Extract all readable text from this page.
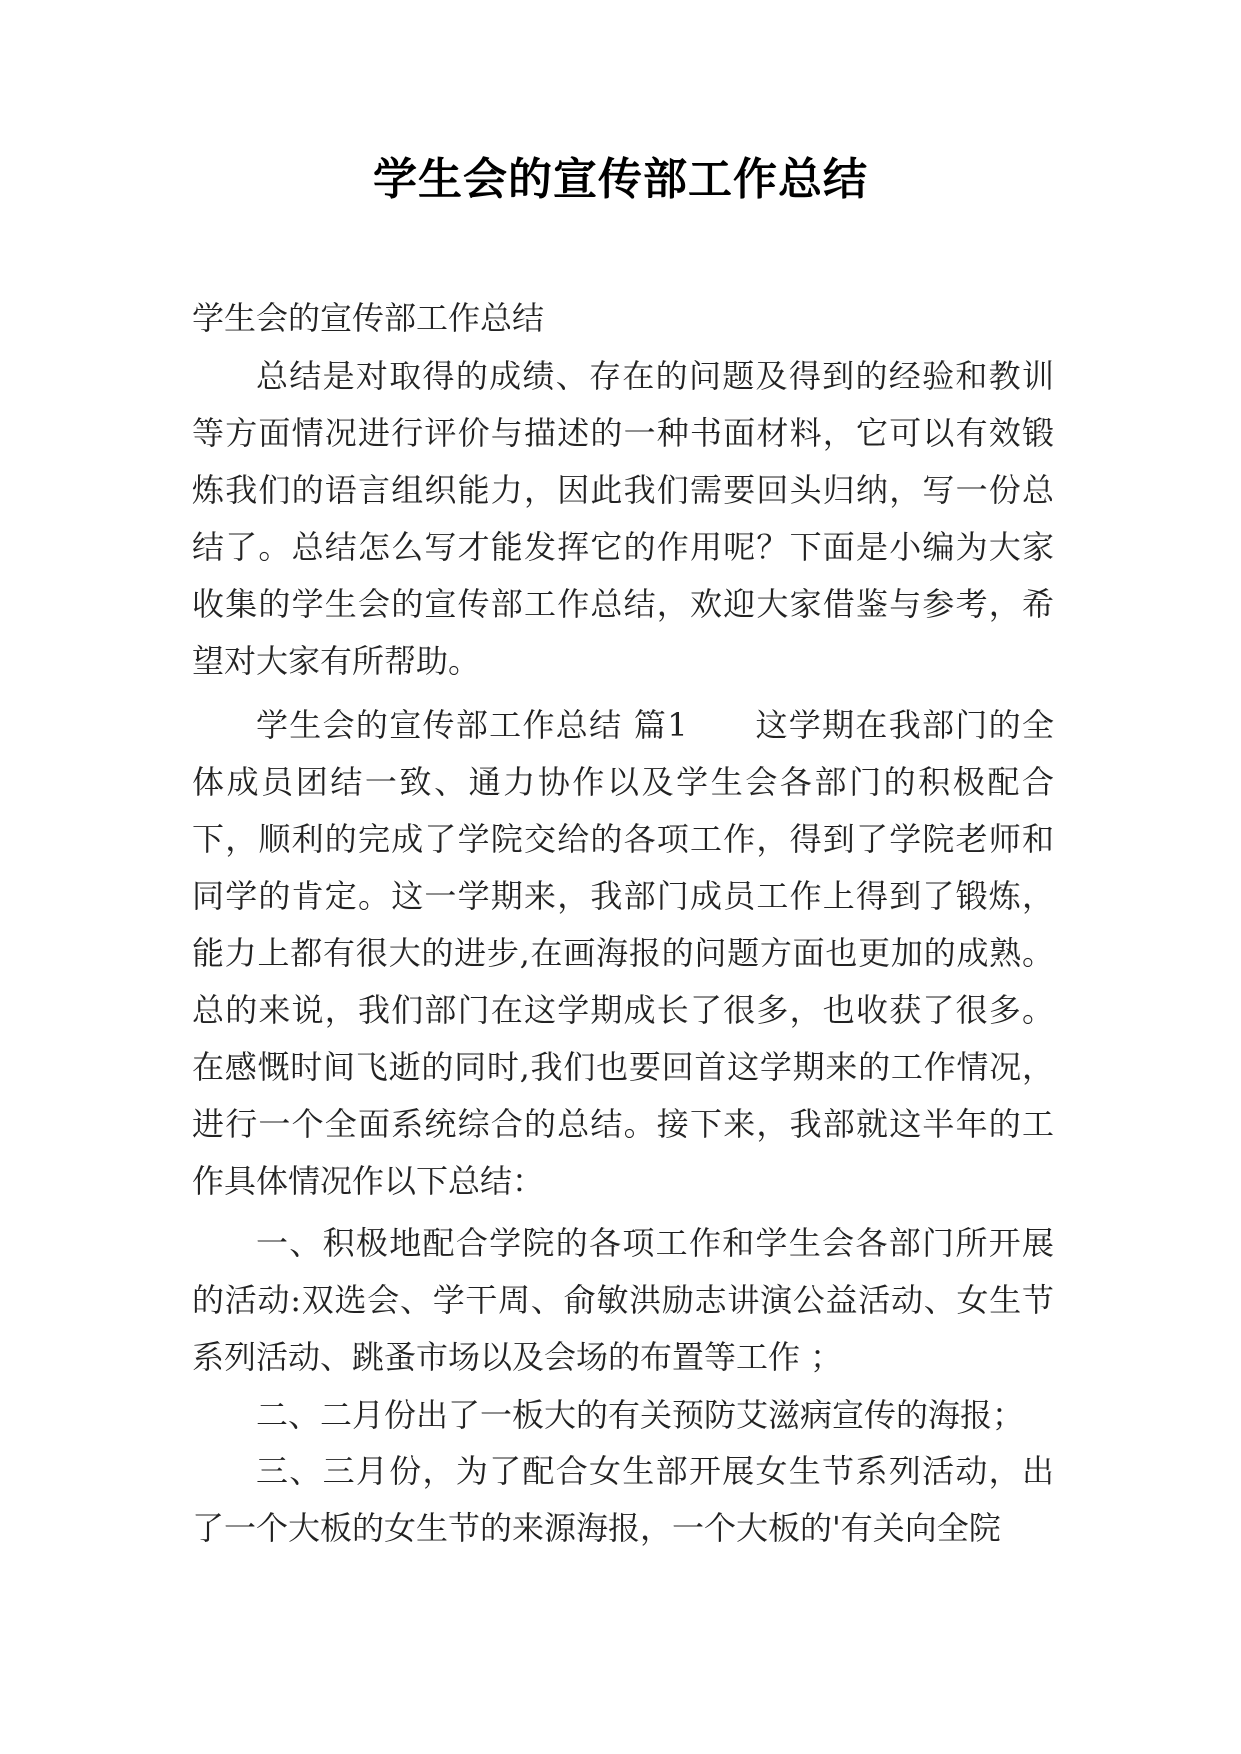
学生会的宣传部工作总结
学生会的宣传部工作总结

总结是对取得的成绩、存在的问题及得到的经验和教训等方面情况进行评价与描述的一种书面材料，它可以有效锻炼我们的语言组织能力，因此我们需要回头归纳，写一份总结了。总结怎么写才能发挥它的作用呢？下面是小编为大家收集的学生会的宣传部工作总结，欢迎大家借鉴与参考，希望对大家有所帮助。

学生会的宣传部工作总结 篇1　　这学期在我部门的全体成员团结一致、通力协作以及学生会各部门的积极配合下，顺利的完成了学院交给的各项工作，得到了学院老师和同学的肯定。这一学期来，我部门成员工作上得到了锻炼，能力上都有很大的进步,在画海报的问题方面也更加的成熟。总的来说，我们部门在这学期成长了很多，也收获了很多。在感慨时间飞逝的同时,我们也要回首这学期来的工作情况，进行一个全面系统综合的总结。接下来，我部就这半年的工作具体情况作以下总结：

一、积极地配合学院的各项工作和学生会各部门所开展的活动:双选会、学干周、俞敏洪励志讲演公益活动、女生节系列活动、跳蚤市场以及会场的布置等工作 ；

二、二月份出了一板大的有关预防艾滋病宣传的海报；

三、三月份，为了配合女生部开展女生节系列活动，出了一个大板的女生节的来源海报，一个大板的'有关向全院
